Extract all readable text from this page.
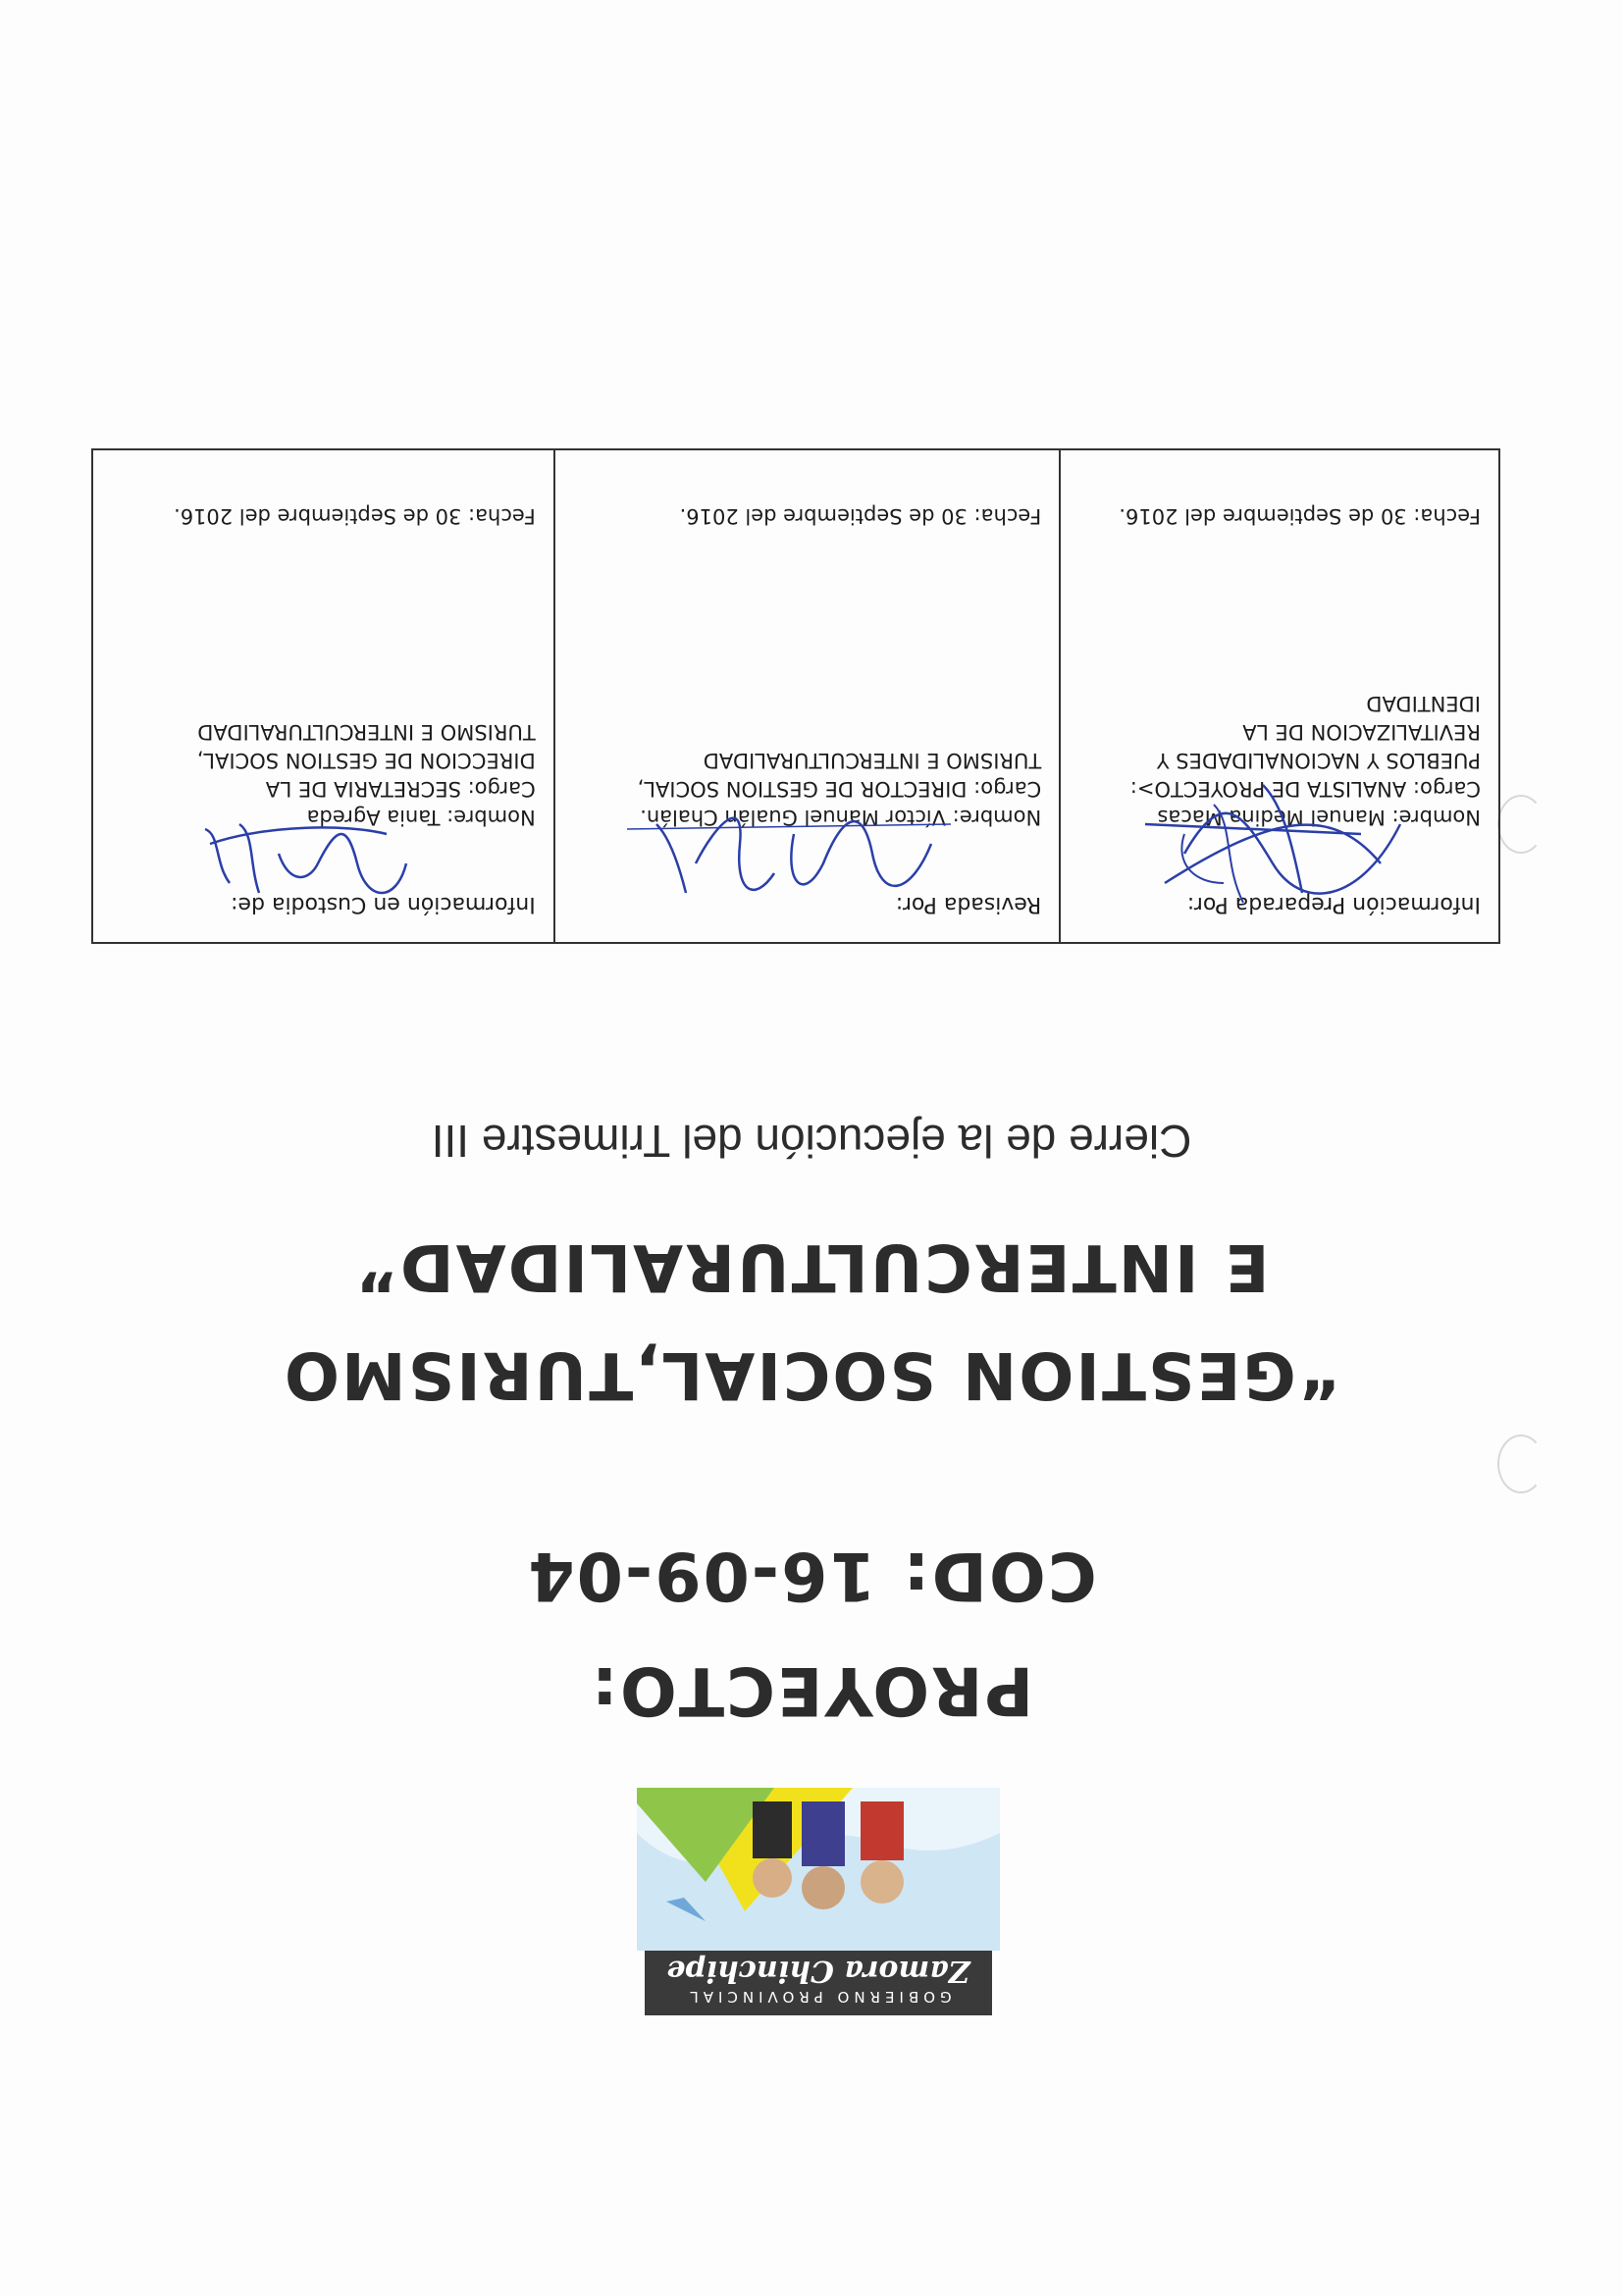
GOBIERNO PROVINCIAL
Zamora Chinchipe
PROYECTO:
COD: 16-09-04
“GESTION SOCIAL,TURISMO
E INTERCULTURALIDAD”
Cierre de la ejecución del Trimestre III
Información Preparada Por:

Nombre: Manuel Medina Macas

Cargo: ANALISTA DE PROYECTO>:

PUEBLOS Y NACIONALIDADES Y

REVITALIZACION DE LA

IDENTIDAD

Fecha: 30 de Septiembre del 2016.
Revisada Por:

Nombre: Víctor Manuel Gualán Chalán.

Cargo: DIRECTOR DE GESTION SOCIAL,

TURISMO E INTERCULTURALIDAD

Fecha: 30 de Septiembre del 2016.
Información en Custodia de:

Nombre: Tania Agreda

Cargo: SECRETARIA DE LA

DIRECCION DE GESTION SOCIAL,

TURISMO E INTERCULTURALIDAD

Fecha: 30 de Septiembre del 2016.
